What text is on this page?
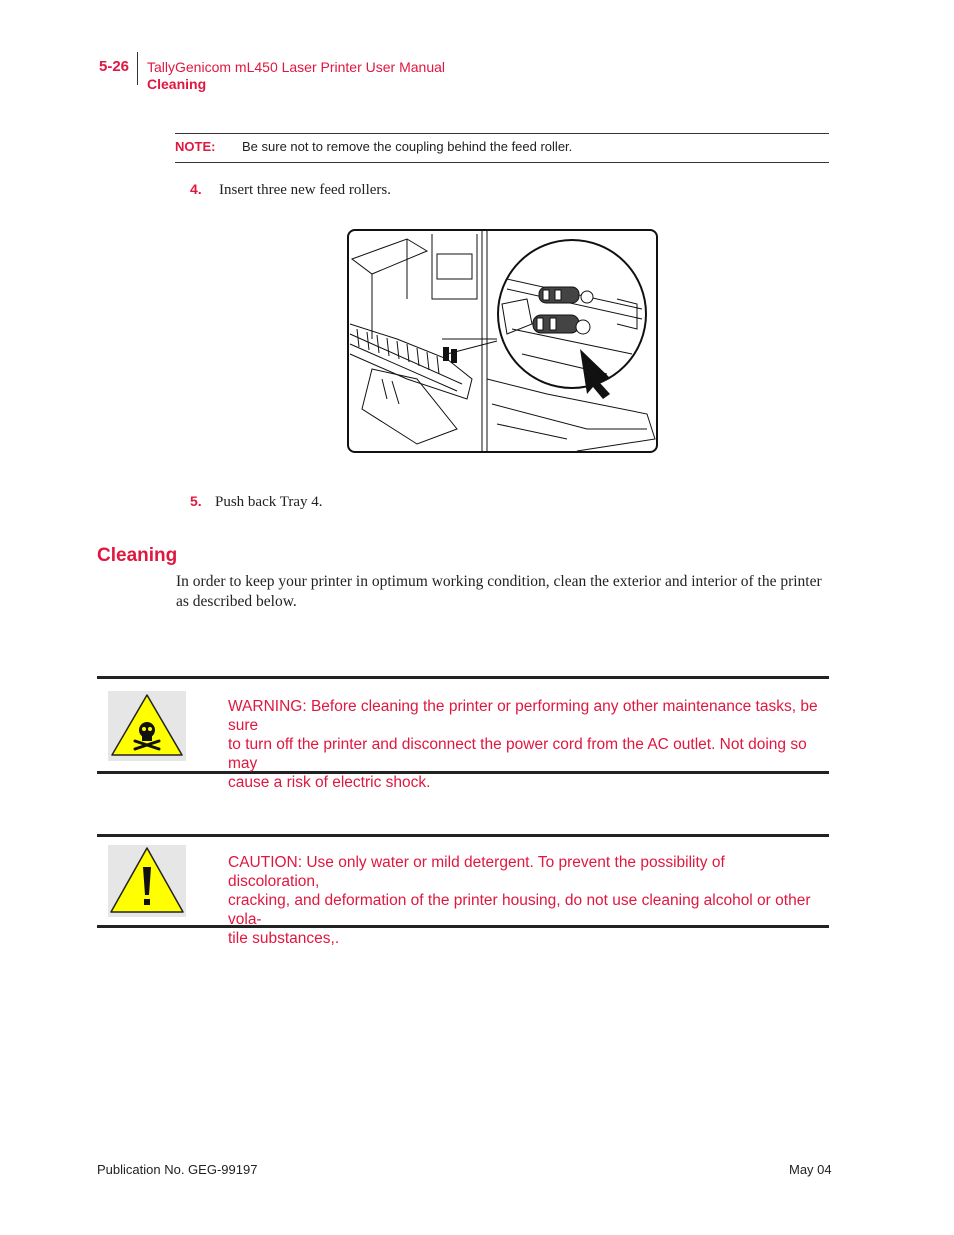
5-26 TallyGenicom mL450 Laser Printer User Manual
Cleaning
NOTE: Be sure not to remove the coupling behind the feed roller.
4. Insert three new feed rollers.
5. Push back Tray 4.
Cleaning
In order to keep your printer in optimum working condition, clean the exterior and interior of the printer as described below.
WARNING: Before cleaning the printer or performing any other maintenance tasks, be sure
to turn off the printer and disconnect the power cord from the AC outlet. Not doing so may
cause a risk of electric shock.
CAUTION: Use only water or mild detergent. To prevent the possibility of discoloration,
cracking, and deformation of the printer housing, do not use cleaning alcohol or other vola-
tile substances,.
Publication No. GEG-99197	May 04
